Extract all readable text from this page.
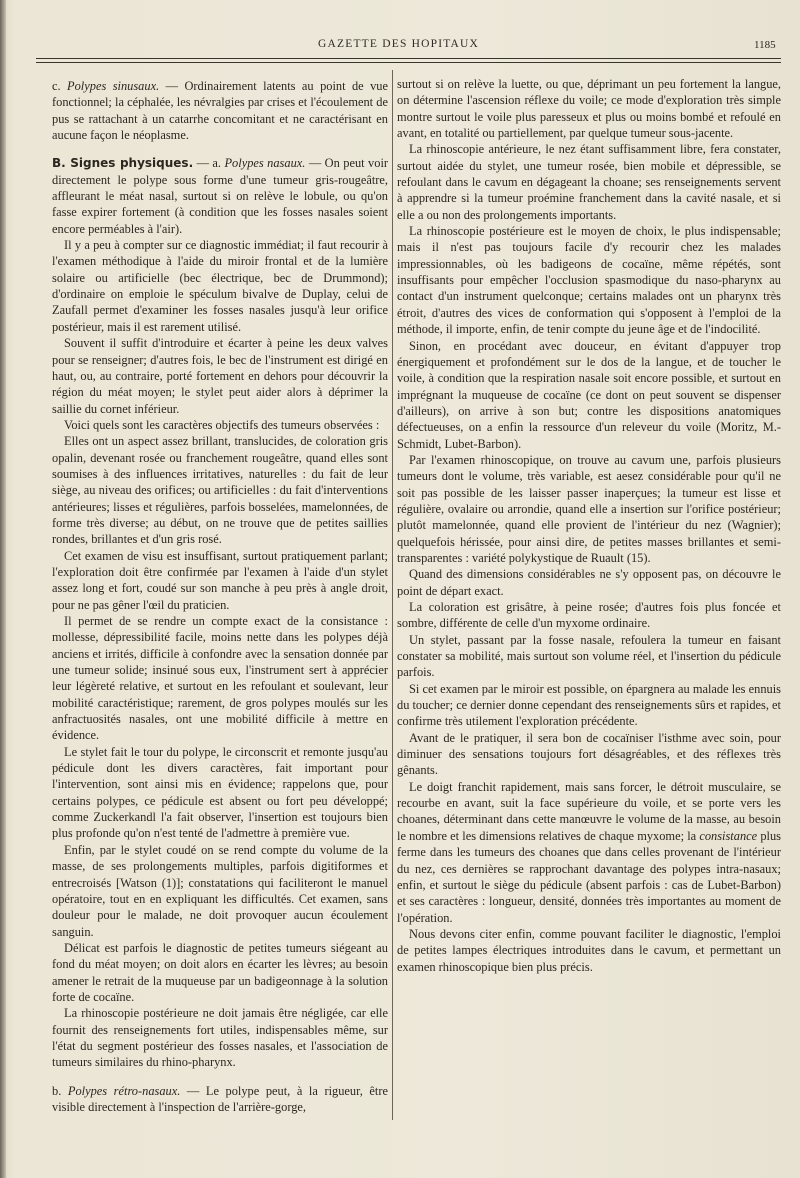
GAZETTE DES HOPITAUX	1185

c. Polypes sinusaux. — Ordinairement latents au point de vue fonctionnel; la céphalée, les névralgies par crises et l'écoulement de pus se rattachant à un catarrhe concomitant et ne caractérisant en aucune façon le néoplasme.

B. Signes physiques. — a. Polypes nasaux. — On peut voir directement le polype sous forme d'une tumeur gris-rougeâtre, affleurant le méat nasal, surtout si on relève le lobule, ou qu'on fasse expirer fortement (à condition que les fosses nasales soient encore perméables à l'air).

Il y a peu à compter sur ce diagnostic immédiat; il faut recourir à l'examen méthodique à l'aide du miroir frontal et de la lumière solaire ou artificielle (bec électrique, bec de Drummond); d'ordinaire on emploie le spéculum bivalve de Duplay, celui de Zaufall permet d'examiner les fosses nasales jusqu'à leur orifice postérieur, mais il est rarement utilisé.

Souvent il suffit d'introduire et écarter à peine les deux valves pour se renseigner; d'autres fois, le bec de l'instrument est dirigé en haut, ou, au contraire, porté fortement en dehors pour découvrir la région du méat moyen; le stylet peut aider alors à déprimer la saillie du cornet inférieur.

Voici quels sont les caractères objectifs des tumeurs observées :

Elles ont un aspect assez brillant, translucides, de coloration gris opalin, devenant rosée ou franchement rougeâtre, quand elles sont soumises à des influences irritatives, naturelles : du fait de leur siège, au niveau des orifices; ou artificielles : du fait d'interventions antérieures; lisses et régulières, parfois bosselées, mamelonnées, de forme très diverse; au début, on ne trouve que de petites saillies rondes, brillantes et d'un gris rosé.

Cet examen de visu est insuffisant, surtout pratiquement parlant; l'exploration doit être confirmée par l'examen à l'aide d'un stylet assez long et fort, coudé sur son manche à peu près à angle droit, pour ne pas gêner l'œil du praticien.

Il permet de se rendre un compte exact de la consistance : mollesse, dépressibilité facile, moins nette dans les polypes déjà anciens et irrités, difficile à confondre avec la sensation donnée par une tumeur solide; insinué sous eux, l'instrument sert à apprécier leur légèreté relative, et surtout en les refoulant et soulevant, leur mobilité caractéristique; rarement, de gros polypes moulés sur les anfractuosités nasales, ont une mobilité difficile à mettre en évidence.

Le stylet fait le tour du polype, le circonscrit et remonte jusqu'au pédicule dont les divers caractères, fait important pour l'intervention, sont ainsi mis en évidence; rappelons que, pour certains polypes, ce pédicule est absent ou fort peu développé; comme Zuckerkandl l'a fait observer, l'insertion est toujours bien plus profonde qu'on n'est tenté de l'admettre à première vue.

Enfin, par le stylet coudé on se rend compte du volume de la masse, de ses prolongements multiples, parfois digitiformes et entrecroisés [Watson (1)]; constatations qui faciliteront le manuel opératoire, tout en en expliquant les difficultés. Cet examen, sans douleur pour le malade, ne doit provoquer aucun écoulement sanguin.

Délicat est parfois le diagnostic de petites tumeurs siégeant au fond du méat moyen; on doit alors en écarter les lèvres; au besoin amener le retrait de la muqueuse par un badigeonnage à la solution forte de cocaïne.

La rhinoscopie postérieure ne doit jamais être négligée, car elle fournit des renseignements fort utiles, indispensables même, sur l'état du segment postérieur des fosses nasales, et l'association de tumeurs similaires du rhino-pharynx.

b. Polypes rétro-nasaux. — Le polype peut, à la rigueur, être visible directement à l'inspection de l'arrière-gorge,

surtout si on relève la luette, ou que, déprimant un peu fortement la langue, on détermine l'ascension réflexe du voile; ce mode d'exploration très simple montre surtout le voile plus paresseux et plus ou moins bombé et refoulé en avant, en totalité ou partiellement, par quelque tumeur sous-jacente.

La rhinoscopie antérieure, le nez étant suffisamment libre, fera constater, surtout aidée du stylet, une tumeur rosée, bien mobile et dépressible, se refoulant dans le cavum en dégageant la choane; ses renseignements servent à apprendre si la tumeur proémine franchement dans la cavité nasale, et si elle a ou non des prolongements importants.

La rhinoscopie postérieure est le moyen de choix, le plus indispensable; mais il n'est pas toujours facile d'y recourir chez les malades impressionnables, où les badigeons de cocaïne, même répétés, sont insuffisants pour empêcher l'occlusion spasmodique du naso-pharynx au contact d'un instrument quelconque; certains malades ont un pharynx très étroit, d'autres des vices de conformation qui s'opposent à l'emploi de la méthode, il importe, enfin, de tenir compte du jeune âge et de l'indocilité.

Sinon, en procédant avec douceur, en évitant d'appuyer trop énergiquement et profondément sur le dos de la langue, et de toucher le voile, à condition que la respiration nasale soit encore possible, et surtout en imprégnant la muqueuse de cocaïne (ce dont on peut souvent se dispenser d'ailleurs), on arrive à son but; contre les dispositions anatomiques défectueuses, on a enfin la ressource d'un releveur du voile (Moritz, M.-Schmidt, Lubet-Barbon).

Par l'examen rhinoscopique, on trouve au cavum une, parfois plusieurs tumeurs dont le volume, très variable, est aesez considérable pour qu'il ne soit pas possible de les laisser passer inaperçues; la tumeur est lisse et régulière, ovalaire ou arrondie, quand elle a insertion sur l'orifice postérieur; plutôt mamelonnée, quand elle provient de l'intérieur du nez (Wagnier); quelquefois hérissée, pour ainsi dire, de petites masses brillantes et semi-transparentes : variété polykystique de Ruault (15).

Quand des dimensions considérables ne s'y opposent pas, on découvre le point de départ exact.

La coloration est grisâtre, à peine rosée; d'autres fois plus foncée et sombre, différente de celle d'un myxome ordinaire.

Un stylet, passant par la fosse nasale, refoulera la tumeur en faisant constater sa mobilité, mais surtout son volume réel, et l'insertion du pédicule parfois.

Si cet examen par le miroir est possible, on épargnera au malade les ennuis du toucher; ce dernier donne cependant des renseignements sûrs et rapides, et confirme très utilement l'exploration précédente.

Avant de le pratiquer, il sera bon de cocaïniser l'isthme avec soin, pour diminuer des sensations toujours fort désagréables, et des réflexes très gênants.

Le doigt franchit rapidement, mais sans forcer, le détroit musculaire, se recourbe en avant, suit la face supérieure du voile, et se porte vers les choanes, déterminant dans cette manœuvre le volume de la masse, au besoin le nombre et les dimensions relatives de chaque myxome; la consistance plus ferme dans les tumeurs des choanes que dans celles provenant de l'intérieur du nez, ces dernières se rapprochant davantage des polypes intra-nasaux; enfin, et surtout le siège du pédicule (absent parfois : cas de Lubet-Barbon) et ses caractères : longueur, densité, données très importantes au moment de l'opération.

Nous devons citer enfin, comme pouvant faciliter le diagnostic, l'emploi de petites lampes électriques introduites dans le cavum, et permettant un examen rhinoscopique bien plus précis.
